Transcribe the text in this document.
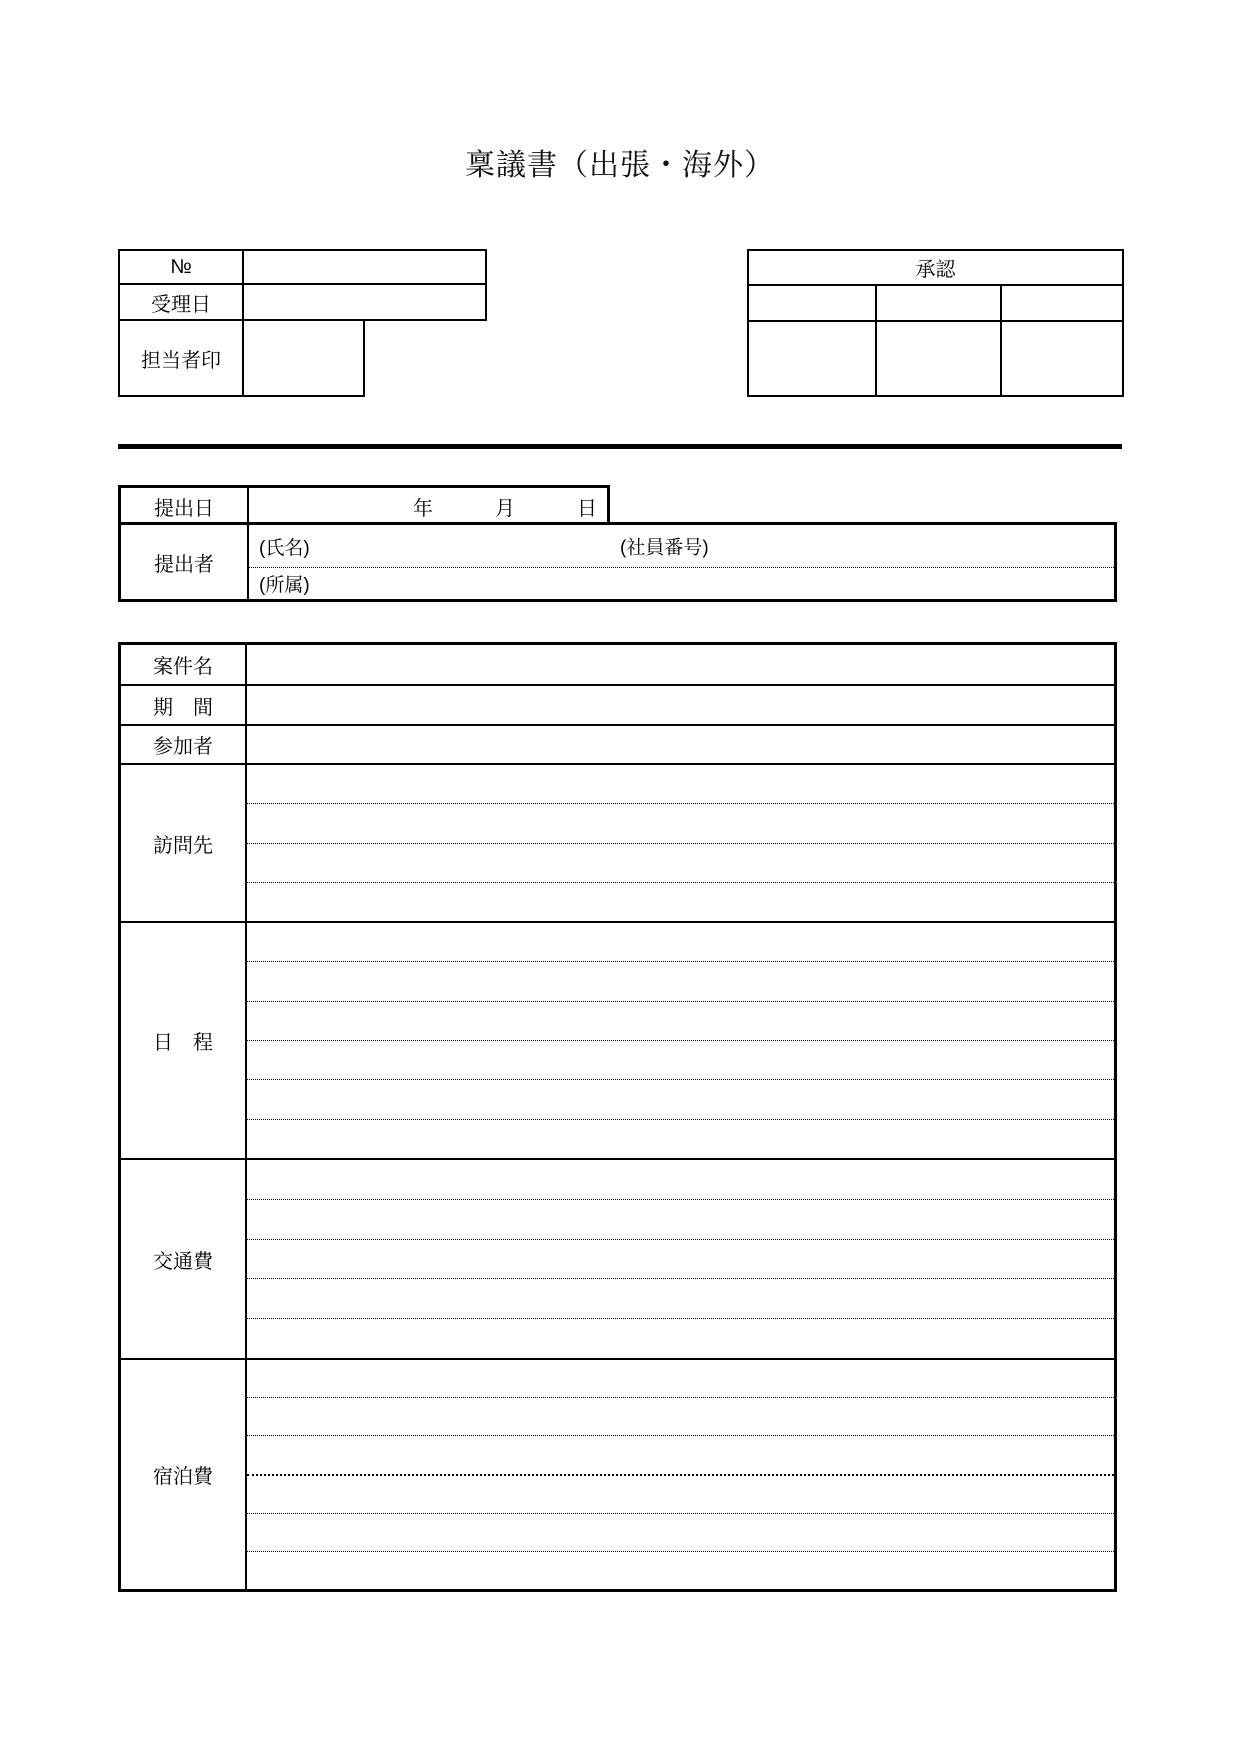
稟議書（出張・海外）
№		
受理日		
担当者印		
承認		

提出日	年	月	日
提出者
(氏名)	(社員番号)
(所属)
案件名
期　間
参加者
訪問先
日　程
交通費
宿泊費
